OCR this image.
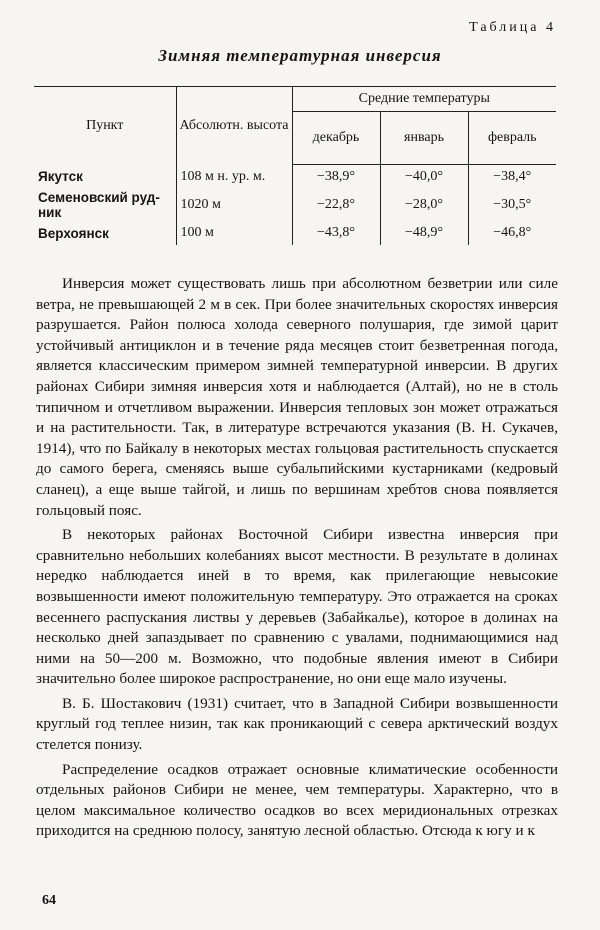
Таблица 4
Зимняя температурная инверсия
Пункт	Абсолютн. высота	Средние температуры		
		декабрь	январь	февраль
Якутск	108 м н. ур. м.	−38,9°	−40,0°	−38,4°
Семеновский руд- ник	1020 м	−22,8°	−28,0°	−30,5°
Верхоянск	100 м	−43,8°	−48,9°	−46,8°

Инверсия может существовать лишь при абсолютном безветрии или силе ветра, не превышающей 2 м в сек. При более значительных скоростях инверсия разрушается. Район полюса холода северного полушария, где зимой царит устойчивый антициклон и в течение ряда месяцев стоит безветренная погода, является классическим примером зимней температурной инверсии. В других районах Сибири зимняя инверсия хотя и наблюдается (Алтай), но не в столь типичном и отчетливом выражении. Инверсия тепловых зон может отражаться и на растительности. Так, в литературе встречаются указания (В. Н. Сукачев, 1914), что по Байкалу в некоторых местах гольцовая растительность спускается до самого берега, сменяясь выше субальпийскими кустарниками (кедровый сланец), а еще выше тайгой, и лишь по вершинам хребтов снова появляется гольцовый пояс.

В некоторых районах Восточной Сибири известна инверсия при сравнительно небольших колебаниях высот местности. В результате в долинах нередко наблюдается иней в то время, как прилегающие невысокие возвышенности имеют положительную температуру. Это отражается на сроках весеннего распускания листвы у деревьев (Забайкалье), которое в долинах на несколько дней запаздывает по сравнению с увалами, поднимающимися над ними на 50—200 м. Возможно, что подобные явления имеют в Сибири значительно более широкое распространение, но они еще мало изучены.

В. Б. Шостакович (1931) считает, что в Западной Сибири возвышенности круглый год теплее низин, так как проникающий с севера арктический воздух стелется понизу.

Распределение осадков отражает основные климатические особенности отдельных районов Сибири не менее, чем температуры. Характерно, что в целом максимальное количество осадков во всех меридиональных отрезках приходится на среднюю полосу, занятую лесной областью. Отсюда к югу и к

64
